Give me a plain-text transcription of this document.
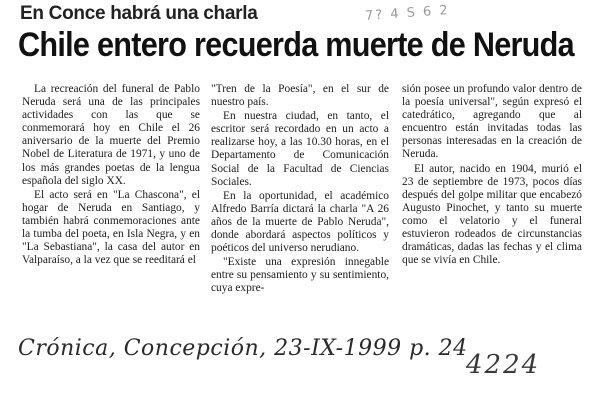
En Conce habrá una charla	7? 4 S 6 2
Chile entero recuerda muerte de Neruda

La recreación del funeral de Pablo Neruda será una de las principales actividades con las que se conmemorará hoy en Chile el 26 aniversario de la muerte del Premio Nobel de Literatura de 1971, y uno de los más grandes poetas de la lengua española del siglo XX.

El acto será en "La Chascona", el hogar de Neruda en Santiago, y también habrá conmemoraciones ante la tumba del poeta, en Isla Negra, y en "La Sebastiana", la casa del autor en Valparaíso, a la vez que se reeditará el

"Tren de la Poesía", en el sur de nuestro país.

En nuestra ciudad, en tanto, el escritor será recordado en un acto a realizarse hoy, a las 10.30 horas, en el Departamento de Comunicación Social de la Facultad de Ciencias Sociales.

En la oportunidad, el académico Alfredo Barría dictará la charla "A 26 años de la muerte de Pablo Neruda", donde abordará aspectos políticos y poéticos del universo nerudiano.

"Existe una expresión innegable entre su pensamiento y su sentimiento, cuya expre-

sión posee un profundo valor dentro de la poesía universal", según expresó el catedrático, agregando que al encuentro están invitadas todas las personas interesadas en la creación de Neruda.

El autor, nacido en 1904, murió el 23 de septiembre de 1973, pocos días después del golpe militar que encabezó Augusto Pinochet, y tanto su muerte como el velatorio y el funeral estuvieron rodeados de circunstancias dramáticas, dadas las fechas y el clima que se vivía en Chile.

Crónica, Concepción, 23-IX-1999 p. 24
4224
